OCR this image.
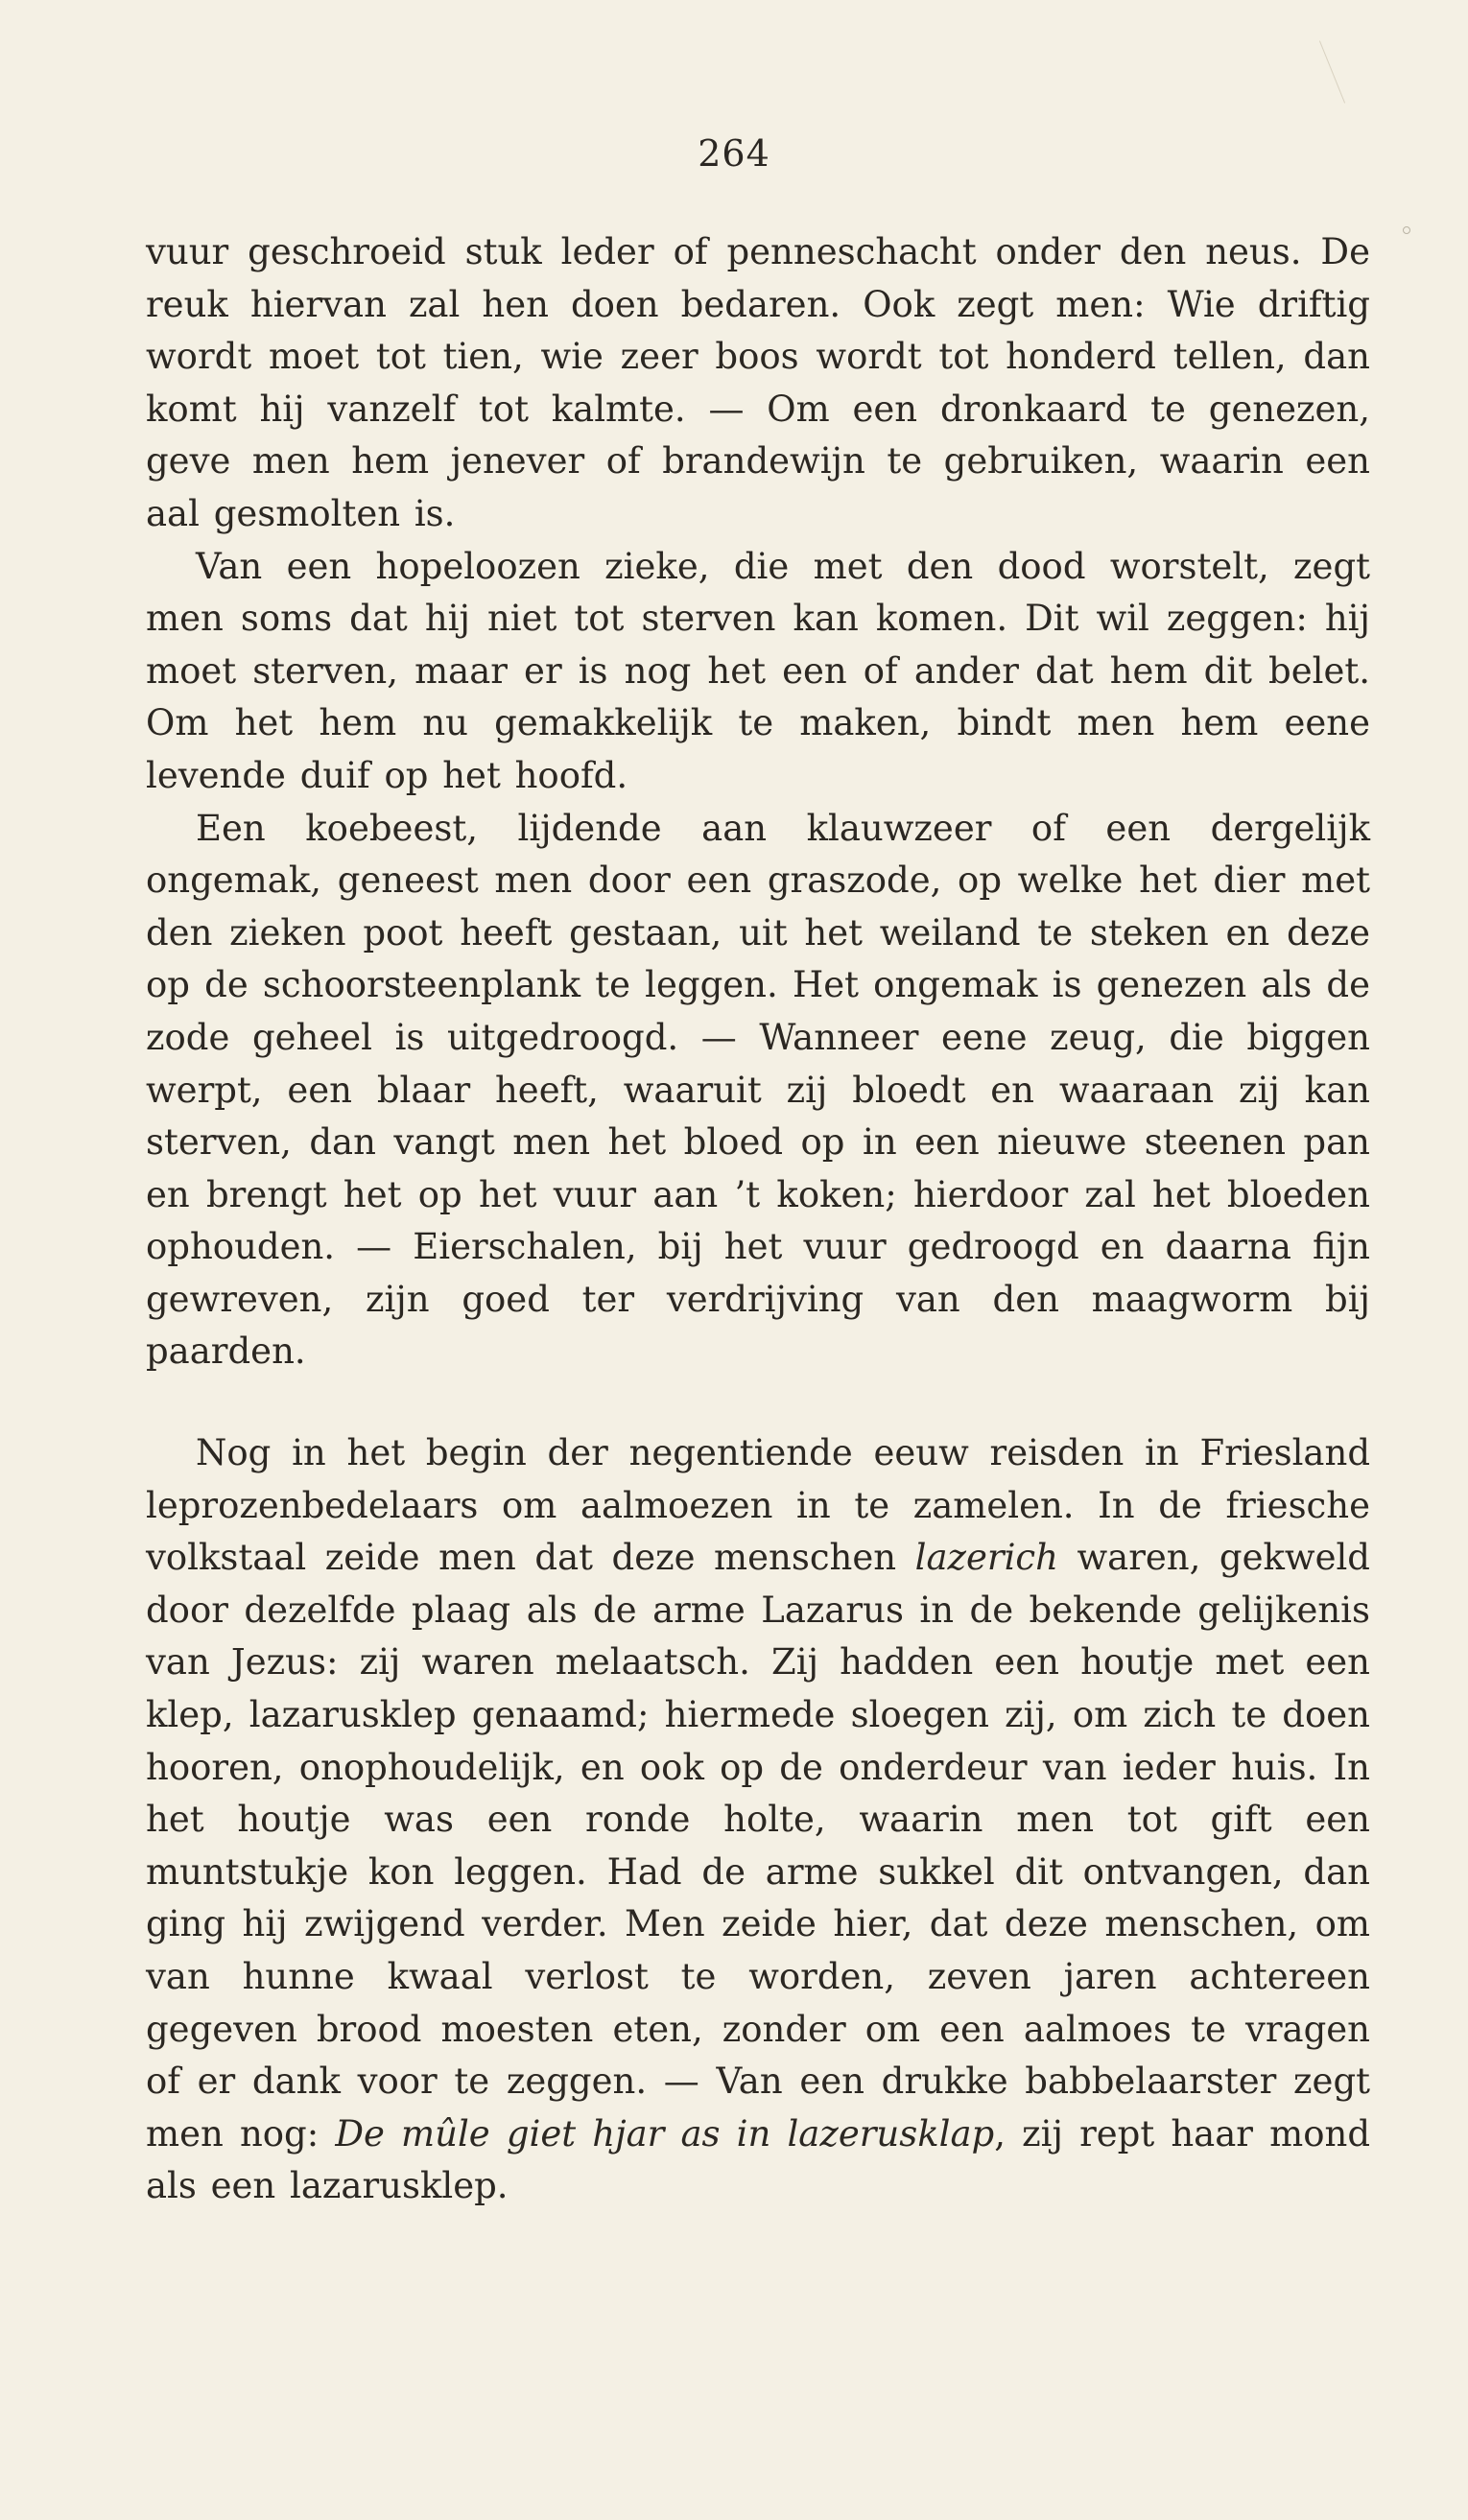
264

vuur geschroeid stuk leder of penneschacht onder den neus. De reuk hiervan zal hen doen bedaren. Ook zegt men: Wie driftig wordt moet tot tien, wie zeer boos wordt tot honderd tellen, dan komt hij vanzelf tot kalmte. — Om een dronkaard te genezen, geve men hem jenever of brandewijn te gebruiken, waarin een aal gesmolten is.

Van een hopeloozen zieke, die met den dood worstelt, zegt men soms dat hij niet tot sterven kan komen. Dit wil zeggen: hij moet sterven, maar er is nog het een of ander dat hem dit belet. Om het hem nu gemakkelijk te maken, bindt men hem eene levende duif op het hoofd.

Een koebeest, lijdende aan klauwzeer of een dergelijk ongemak, geneest men door een graszode, op welke het dier met den zieken poot heeft gestaan, uit het weiland te steken en deze op de schoorsteenplank te leggen. Het ongemak is genezen als de zode geheel is uitgedroogd. — Wanneer eene zeug, die biggen werpt, een blaar heeft, waaruit zij bloedt en waaraan zij kan sterven, dan vangt men het bloed op in een nieuwe steenen pan en brengt het op het vuur aan ’t koken; hierdoor zal het bloeden ophouden. — Eierschalen, bij het vuur gedroogd en daarna fijn gewreven, zijn goed ter verdrijving van den maagworm bij paarden.

Nog in het begin der negentiende eeuw reisden in Friesland leprozenbedelaars om aalmoezen in te zamelen. In de friesche volkstaal zeide men dat deze menschen lazerich waren, gekweld door dezelfde plaag als de arme Lazarus in de bekende gelijkenis van Jezus: zij waren melaatsch. Zij hadden een houtje met een klep, lazarusklep genaamd; hiermede sloegen zij, om zich te doen hooren, onophoudelijk, en ook op de onderdeur van ieder huis. In het houtje was een ronde holte, waarin men tot gift een muntstukje kon leggen. Had de arme sukkel dit ontvangen, dan ging hij zwijgend verder. Men zeide hier, dat deze menschen, om van hunne kwaal verlost te worden, zeven jaren achtereen gegeven brood moesten eten, zonder om een aalmoes te vragen of er dank voor te zeggen. — Van een drukke babbelaarster zegt men nog: De mûle giet hjar as in lazerusklap, zij rept haar mond als een lazarusklep.
